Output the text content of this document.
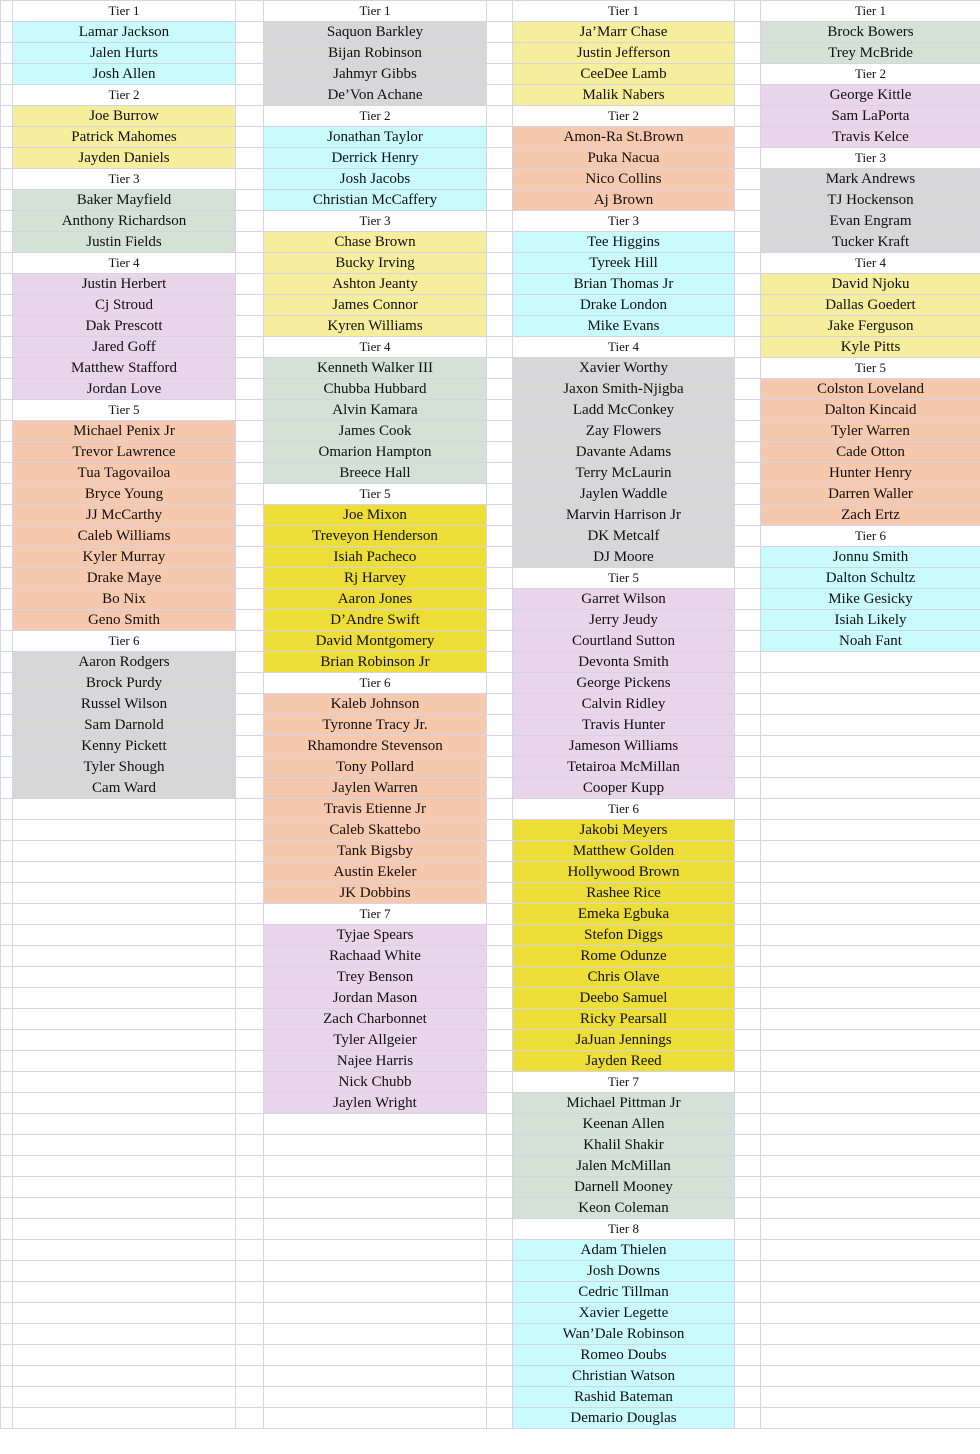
	Tier 1		Tier 1		Tier 1		Tier 1
	Lamar Jackson		Saquon Barkley		Ja’Marr Chase		Brock Bowers
	Jalen Hurts		Bijan Robinson		Justin Jefferson		Trey McBride
	Josh Allen		Jahmyr Gibbs		CeeDee Lamb		Tier 2
	Tier 2		De’Von Achane		Malik Nabers		George Kittle
	Joe Burrow		Tier 2		Tier 2		Sam LaPorta
	Patrick Mahomes		Jonathan Taylor		Amon-Ra St.Brown		Travis Kelce
	Jayden Daniels		Derrick Henry		Puka Nacua		Tier 3
	Tier 3		Josh Jacobs		Nico Collins		Mark Andrews
	Baker Mayfield		Christian McCaffery		Aj Brown		TJ Hockenson
	Anthony Richardson		Tier 3		Tier 3		Evan Engram
	Justin Fields		Chase Brown		Tee Higgins		Tucker Kraft
	Tier 4		Bucky Irving		Tyreek Hill		Tier 4
	Justin Herbert		Ashton Jeanty		Brian Thomas Jr		David Njoku
	Cj Stroud		James Connor		Drake London		Dallas Goedert
	Dak Prescott		Kyren Williams		Mike Evans		Jake Ferguson
	Jared Goff		Tier 4		Tier 4		Kyle Pitts
	Matthew Stafford		Kenneth Walker III		Xavier Worthy		Tier 5
	Jordan Love		Chubba Hubbard		Jaxon Smith-Njigba		Colston Loveland
	Tier 5		Alvin Kamara		Ladd McConkey		Dalton Kincaid
	Michael Penix Jr		James Cook		Zay Flowers		Tyler Warren
	Trevor Lawrence		Omarion Hampton		Davante Adams		Cade Otton
	Tua Tagovailoa		Breece Hall		Terry McLaurin		Hunter Henry
	Bryce Young		Tier 5		Jaylen Waddle		Darren Waller
	JJ McCarthy		Joe Mixon		Marvin Harrison Jr		Zach Ertz
	Caleb Williams		Treveyon Henderson		DK Metcalf		Tier 6
	Kyler Murray		Isiah Pacheco		DJ Moore		Jonnu Smith
	Drake Maye		Rj Harvey		Tier 5		Dalton Schultz
	Bo Nix		Aaron Jones		Garret Wilson		Mike Gesicky
	Geno Smith		D’Andre Swift		Jerry Jeudy		Isiah Likely
	Tier 6		David Montgomery		Courtland Sutton		Noah Fant
	Aaron Rodgers		Brian Robinson Jr		Devonta Smith		
	Brock Purdy		Tier 6		George Pickens		
	Russel Wilson		Kaleb Johnson		Calvin Ridley		
	Sam Darnold		Tyronne Tracy Jr.		Travis Hunter		
	Kenny Pickett		Rhamondre Stevenson		Jameson Williams		
	Tyler Shough		Tony Pollard		Tetairoa McMillan		
	Cam Ward		Jaylen Warren		Cooper Kupp		
			Travis Etienne Jr		Tier 6		
			Caleb Skattebo		Jakobi Meyers		
			Tank Bigsby		Matthew Golden		
			Austin Ekeler		Hollywood Brown		
			JK Dobbins		Rashee Rice		
			Tier 7		Emeka Egbuka		
			Tyjae Spears		Stefon Diggs		
			Rachaad White		Rome Odunze		
			Trey Benson		Chris Olave		
			Jordan Mason		Deebo Samuel		
			Zach Charbonnet		Ricky Pearsall		
			Tyler Allgeier		JaJuan Jennings		
			Najee Harris		Jayden Reed		
			Nick Chubb		Tier 7		
			Jaylen Wright		Michael Pittman Jr		
					Keenan Allen		
					Khalil Shakir		
					Jalen McMillan		
					Darnell Mooney		
					Keon Coleman		
					Tier 8		
					Adam Thielen		
					Josh Downs		
					Cedric Tillman		
					Xavier Legette		
					Wan’Dale Robinson		
					Romeo Doubs		
					Christian Watson		
					Rashid Bateman		
					Demario Douglas		
